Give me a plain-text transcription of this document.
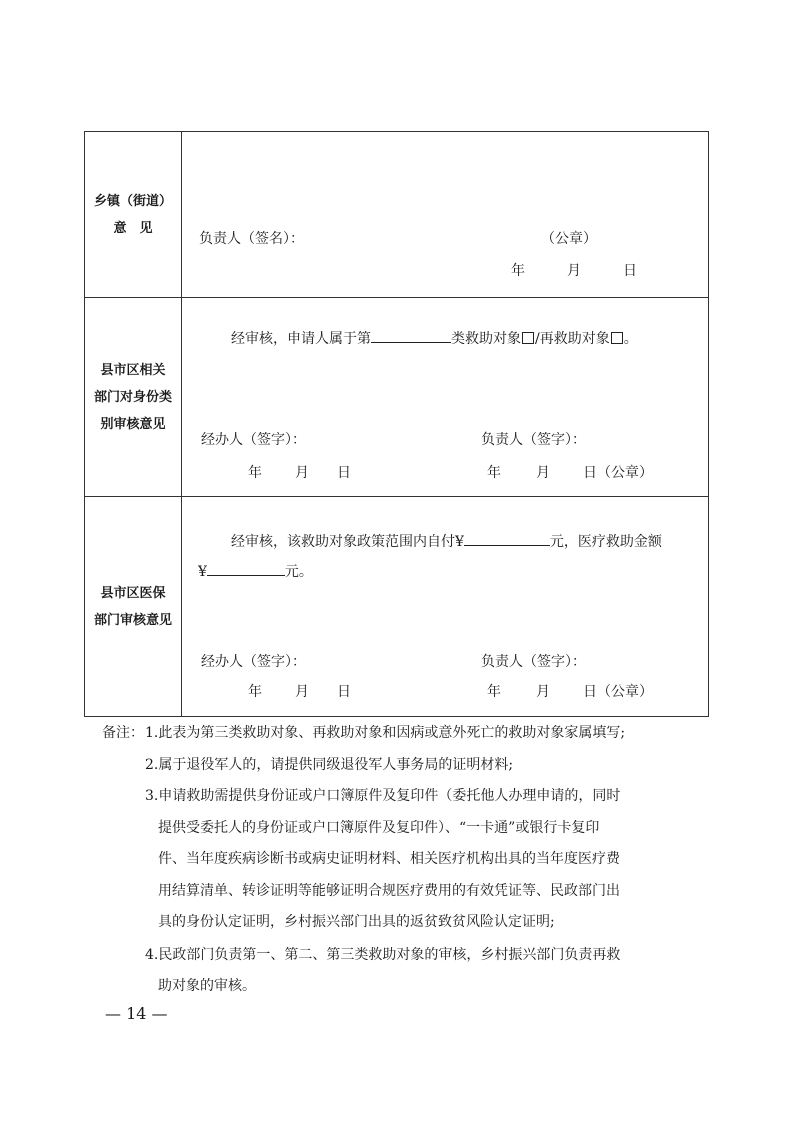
乡镇（街道）
意　见
负责人（签名）：	（公章）
年	月	日
县市区相关
部门对身份类
别审核意见
经审核，申请人属于第	类救助对象 /再救助对象 。
经办人（签字）：	负责人（签字）：
年 月 日	年	月 日（公章）
县市区医保
部门审核意见
经审核，该救助对象政策范围内自付¥	元，医疗救助金额
¥	元。
经办人（签字）：	负责人（签字）：
年 月 日	年	月 日（公章）
备注： 1.此表为第三类救助对象、再救助对象和因病或意外死亡的救助对象家属填写;
2.属于退役军人的，请提供同级退役军人事务局的证明材料;
3.申请救助需提供身份证或户口簿原件及复印件（委托他人办理申请的，同时
提供受委托人的身份证或户口簿原件及复印件）、“一卡通”或银行卡复印
件、当年度疾病诊断书或病史证明材料、相关医疗机构出具的当年度医疗费
用结算清单、转诊证明等能够证明合规医疗费用的有效凭证等、民政部门出
具的身份认定证明，乡村振兴部门出具的返贫致贫风险认定证明;
4.民政部门负责第一、第二、第三类救助对象的审核，乡村振兴部门负责再救
助对象的审核。
— 14 —
